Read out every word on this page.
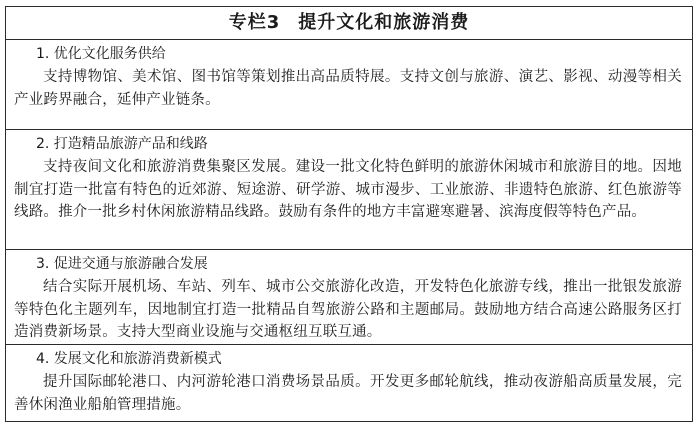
专栏3 提升文化和旅游消费
1. 优化文化服务供给

支持博物馆、美术馆、图书馆等策划推出高品质特展。支持文创与旅游、演艺、影视、动漫等相关产业跨界融合，延伸产业链条。

2. 打造精品旅游产品和线路

支持夜间文化和旅游消费集聚区发展。建设一批文化特色鲜明的旅游休闲城市和旅游目的地。因地制宜打造一批富有特色的近郊游、短途游、研学游、城市漫步、工业旅游、非遗特色旅游、红色旅游等线路。推介一批乡村休闲旅游精品线路。鼓励有条件的地方丰富避寒避暑、滨海度假等特色产品。

3. 促进交通与旅游融合发展

结合实际开展机场、车站、列车、城市公交旅游化改造，开发特色化旅游专线，推出一批银发旅游等特色化主题列车，因地制宜打造一批精品自驾旅游公路和主题邮局。鼓励地方结合高速公路服务区打造消费新场景。支持大型商业设施与交通枢纽互联互通。

4. 发展文化和旅游消费新模式

提升国际邮轮港口、内河游轮港口消费场景品质。开发更多邮轮航线，推动夜游船高质量发展，完善休闲渔业船舶管理措施。
